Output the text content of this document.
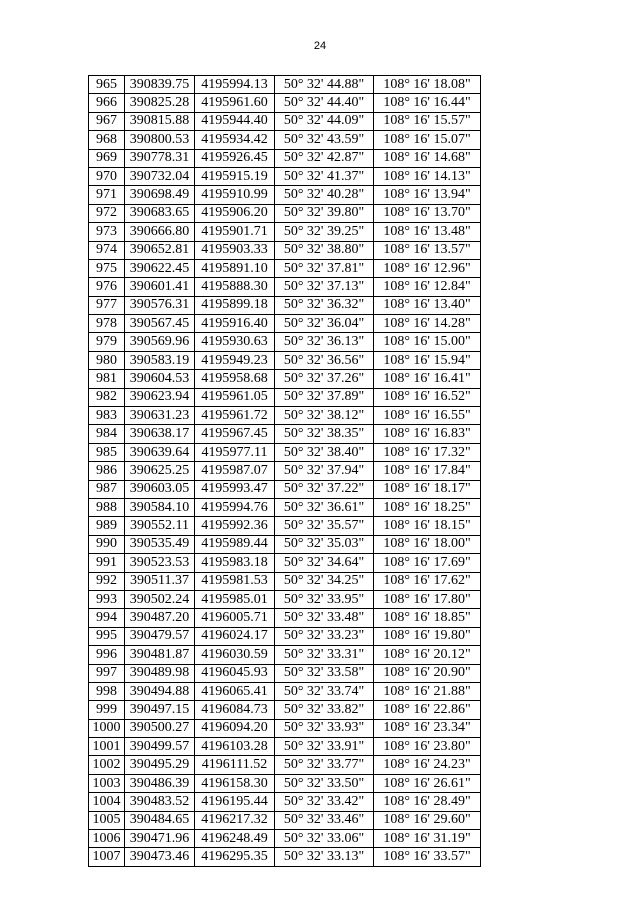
24
965	390839.75	4195994.13	50° 32' 44.88"	108° 16' 18.08"
966	390825.28	4195961.60	50° 32' 44.40"	108° 16' 16.44"
967	390815.88	4195944.40	50° 32' 44.09"	108° 16' 15.57"
968	390800.53	4195934.42	50° 32' 43.59"	108° 16' 15.07"
969	390778.31	4195926.45	50° 32' 42.87"	108° 16' 14.68"
970	390732.04	4195915.19	50° 32' 41.37"	108° 16' 14.13"
971	390698.49	4195910.99	50° 32' 40.28"	108° 16' 13.94"
972	390683.65	4195906.20	50° 32' 39.80"	108° 16' 13.70"
973	390666.80	4195901.71	50° 32' 39.25"	108° 16' 13.48"
974	390652.81	4195903.33	50° 32' 38.80"	108° 16' 13.57"
975	390622.45	4195891.10	50° 32' 37.81"	108° 16' 12.96"
976	390601.41	4195888.30	50° 32' 37.13"	108° 16' 12.84"
977	390576.31	4195899.18	50° 32' 36.32"	108° 16' 13.40"
978	390567.45	4195916.40	50° 32' 36.04"	108° 16' 14.28"
979	390569.96	4195930.63	50° 32' 36.13"	108° 16' 15.00"
980	390583.19	4195949.23	50° 32' 36.56"	108° 16' 15.94"
981	390604.53	4195958.68	50° 32' 37.26"	108° 16' 16.41"
982	390623.94	4195961.05	50° 32' 37.89"	108° 16' 16.52"
983	390631.23	4195961.72	50° 32' 38.12"	108° 16' 16.55"
984	390638.17	4195967.45	50° 32' 38.35"	108° 16' 16.83"
985	390639.64	4195977.11	50° 32' 38.40"	108° 16' 17.32"
986	390625.25	4195987.07	50° 32' 37.94"	108° 16' 17.84"
987	390603.05	4195993.47	50° 32' 37.22"	108° 16' 18.17"
988	390584.10	4195994.76	50° 32' 36.61"	108° 16' 18.25"
989	390552.11	4195992.36	50° 32' 35.57"	108° 16' 18.15"
990	390535.49	4195989.44	50° 32' 35.03"	108° 16' 18.00"
991	390523.53	4195983.18	50° 32' 34.64"	108° 16' 17.69"
992	390511.37	4195981.53	50° 32' 34.25"	108° 16' 17.62"
993	390502.24	4195985.01	50° 32' 33.95"	108° 16' 17.80"
994	390487.20	4196005.71	50° 32' 33.48"	108° 16' 18.85"
995	390479.57	4196024.17	50° 32' 33.23"	108° 16' 19.80"
996	390481.87	4196030.59	50° 32' 33.31"	108° 16' 20.12"
997	390489.98	4196045.93	50° 32' 33.58"	108° 16' 20.90"
998	390494.88	4196065.41	50° 32' 33.74"	108° 16' 21.88"
999	390497.15	4196084.73	50° 32' 33.82"	108° 16' 22.86"
1000	390500.27	4196094.20	50° 32' 33.93"	108° 16' 23.34"
1001	390499.57	4196103.28	50° 32' 33.91"	108° 16' 23.80"
1002	390495.29	4196111.52	50° 32' 33.77"	108° 16' 24.23"
1003	390486.39	4196158.30	50° 32' 33.50"	108° 16' 26.61"
1004	390483.52	4196195.44	50° 32' 33.42"	108° 16' 28.49"
1005	390484.65	4196217.32	50° 32' 33.46"	108° 16' 29.60"
1006	390471.96	4196248.49	50° 32' 33.06"	108° 16' 31.19"
1007	390473.46	4196295.35	50° 32' 33.13"	108° 16' 33.57"
